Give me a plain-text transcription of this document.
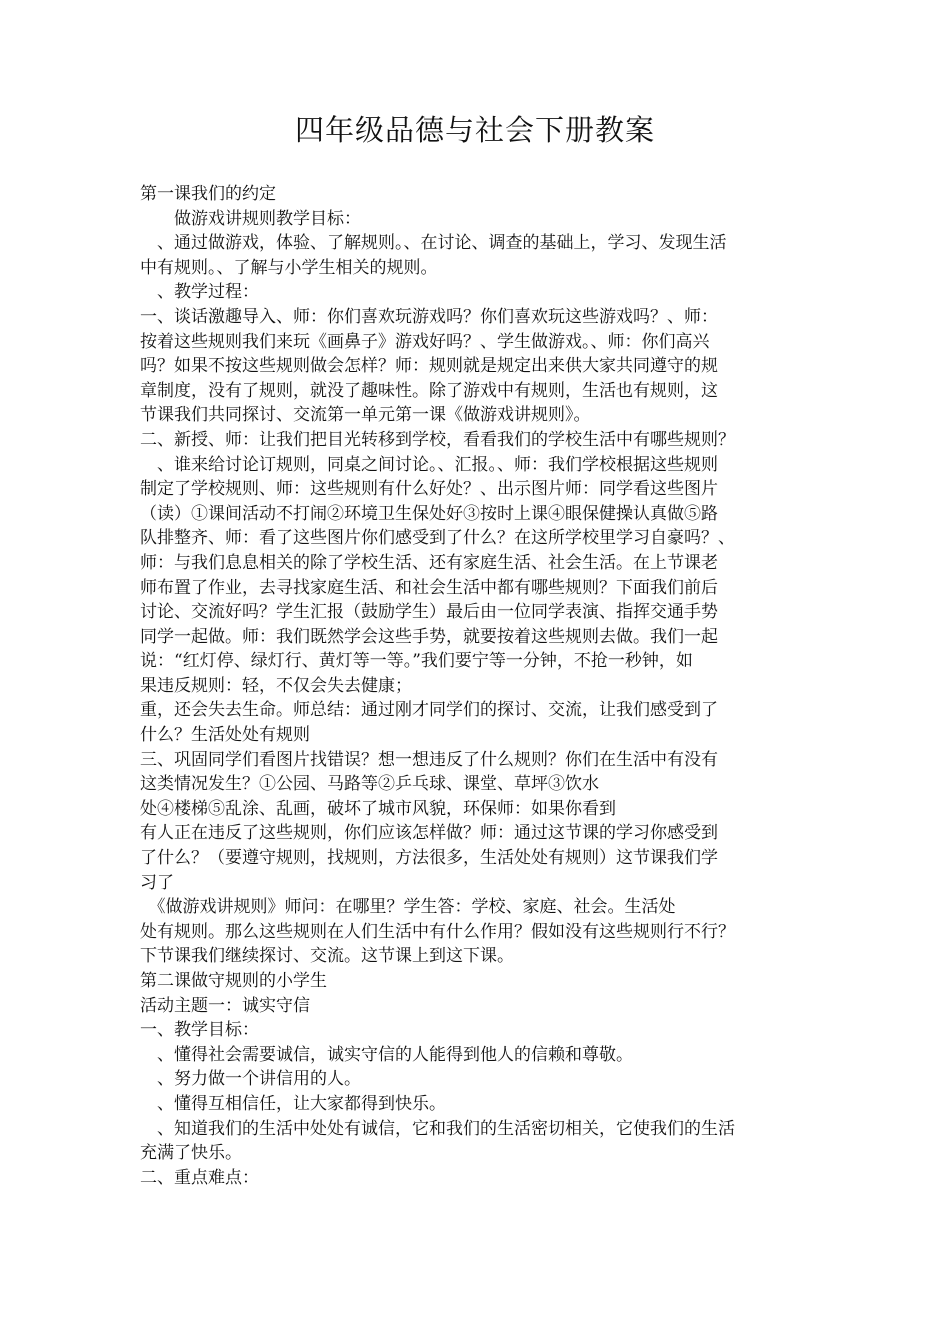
四年级品德与社会下册教案
第一课我们的约定
　　做游戏讲规则教学目标：
　、通过做游戏，体验、了解规则。、在讨论、调查的基础上，学习、发现生活
中有规则。、了解与小学生相关的规则。
　、教学过程：
一、谈话激趣导入、师：你们喜欢玩游戏吗？你们喜欢玩这些游戏吗？、师：
按着这些规则我们来玩《画鼻子》游戏好吗？、学生做游戏。、师：你们高兴
吗？如果不按这些规则做会怎样？师：规则就是规定出来供大家共同遵守的规
章制度，没有了规则，就没了趣味性。除了游戏中有规则，生活也有规则，这
节课我们共同探讨、交流第一单元第一课《做游戏讲规则》。
二、新授、师：让我们把目光转移到学校，看看我们的学校生活中有哪些规则？
　、谁来给讨论订规则，同桌之间讨论。、汇报。、师：我们学校根据这些规则
制定了学校规则、师：这些规则有什么好处？、出示图片师：同学看这些图片
（读）①课间活动不打闹②环境卫生保处好③按时上课④眼保健操认真做⑤路
队排整齐、师：看了这些图片你们感受到了什么？在这所学校里学习自豪吗？、
师：与我们息息相关的除了学校生活、还有家庭生活、社会生活。在上节课老
师布置了作业，去寻找家庭生活、和社会生活中都有哪些规则？下面我们前后
讨论、交流好吗？学生汇报（鼓励学生）最后由一位同学表演、指挥交通手势
同学一起做。师：我们既然学会这些手势，就要按着这些规则去做。我们一起
说：“红灯停、绿灯行、黄灯等一等。”我们要宁等一分钟，不抢一秒钟，如
果违反规则：轻，不仅会失去健康；
重，还会失去生命。师总结：通过刚才同学们的探讨、交流，让我们感受到了
什么？生活处处有规则
三、巩固同学们看图片找错误？想一想违反了什么规则？你们在生活中有没有
这类情况发生？①公园、马路等②乒乓球、课堂、草坪③饮水
处④楼梯⑤乱涂、乱画，破坏了城市风貌，环保师：如果你看到
有人正在违反了这些规则，你们应该怎样做？师：通过这节课的学习你感受到
了什么？（要遵守规则，找规则，方法很多，生活处处有规则）这节课我们学
习了
　《做游戏讲规则》师问：在哪里？学生答：学校、家庭、社会。生活处
处有规则。那么这些规则在人们生活中有什么作用？假如没有这些规则行不行？
下节课我们继续探讨、交流。这节课上到这下课。
第二课做守规则的小学生
活动主题一：诚实守信
一、教学目标：
　、懂得社会需要诚信，诚实守信的人能得到他人的信赖和尊敬。
　、努力做一个讲信用的人。
　、懂得互相信任，让大家都得到快乐。
　、知道我们的生活中处处有诚信，它和我们的生活密切相关，它使我们的生活
充满了快乐。
二、重点难点：
